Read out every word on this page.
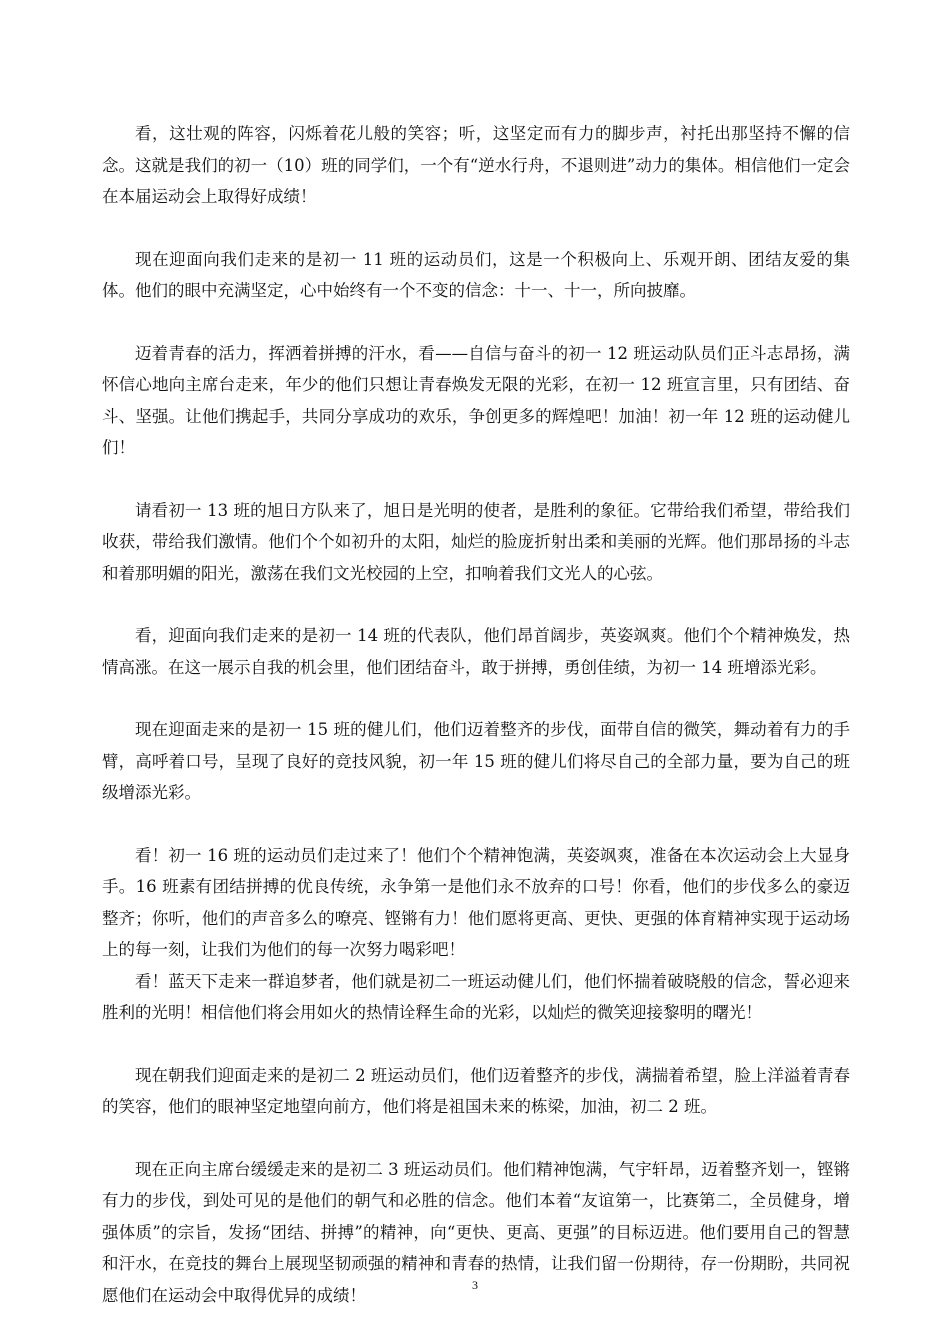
看，这壮观的阵容，闪烁着花儿般的笑容；听，这坚定而有力的脚步声，衬托出那坚持不懈的信念。这就是我们的初一（10）班的同学们，一个有“逆水行舟，不退则进”动力的集体。相信他们一定会在本届运动会上取得好成绩！

现在迎面向我们走来的是初一 11 班的运动员们，这是一个积极向上、乐观开朗、团结友爱的集体。他们的眼中充满坚定，心中始终有一个不变的信念：十一、十一，所向披靡。

迈着青春的活力，挥洒着拼搏的汗水，看——自信与奋斗的初一 12 班运动队员们正斗志昂扬，满怀信心地向主席台走来，年少的他们只想让青春焕发无限的光彩，在初一 12 班宣言里，只有团结、奋斗、坚强。让他们携起手，共同分享成功的欢乐，争创更多的辉煌吧！加油！初一年 12 班的运动健儿们！

请看初一 13 班的旭日方队来了，旭日是光明的使者，是胜利的象征。它带给我们希望，带给我们收获，带给我们激情。他们个个如初升的太阳，灿烂的脸庞折射出柔和美丽的光辉。他们那昂扬的斗志和着那明媚的阳光，激荡在我们文光校园的上空，扣响着我们文光人的心弦。

看，迎面向我们走来的是初一 14 班的代表队，他们昂首阔步，英姿飒爽。他们个个精神焕发，热情高涨。在这一展示自我的机会里，他们团结奋斗，敢于拼搏，勇创佳绩，为初一 14 班增添光彩。

现在迎面走来的是初一 15 班的健儿们，他们迈着整齐的步伐，面带自信的微笑，舞动着有力的手臂，高呼着口号，呈现了良好的竞技风貌，初一年 15 班的健儿们将尽自己的全部力量，要为自己的班级增添光彩。

看！初一 16 班的运动员们走过来了！他们个个精神饱满，英姿飒爽，准备在本次运动会上大显身手。16 班素有团结拼搏的优良传统，永争第一是他们永不放弃的口号！你看，他们的步伐多么的豪迈整齐；你听，他们的声音多么的嘹亮、铿锵有力！他们愿将更高、更快、更强的体育精神实现于运动场上的每一刻，让我们为他们的每一次努力喝彩吧！

看！蓝天下走来一群追梦者，他们就是初二一班运动健儿们，他们怀揣着破晓般的信念，誓必迎来胜利的光明！相信他们将会用如火的热情诠释生命的光彩，以灿烂的微笑迎接黎明的曙光！

现在朝我们迎面走来的是初二 2 班运动员们，他们迈着整齐的步伐，满揣着希望，脸上洋溢着青春的笑容，他们的眼神坚定地望向前方，他们将是祖国未来的栋梁，加油，初二 2 班。

现在正向主席台缓缓走来的是初二 3 班运动员们。他们精神饱满，气宇轩昂，迈着整齐划一，铿锵有力的步伐，到处可见的是他们的朝气和必胜的信念。他们本着“友谊第一，比赛第二，全员健身，增强体质”的宗旨，发扬“团结、拼搏”的精神，向“更快、更高、更强”的目标迈进。他们要用自己的智慧和汗水，在竞技的舞台上展现坚韧顽强的精神和青春的热情，让我们留一份期待，存一份期盼，共同祝愿他们在运动会中取得优异的成绩！

3
